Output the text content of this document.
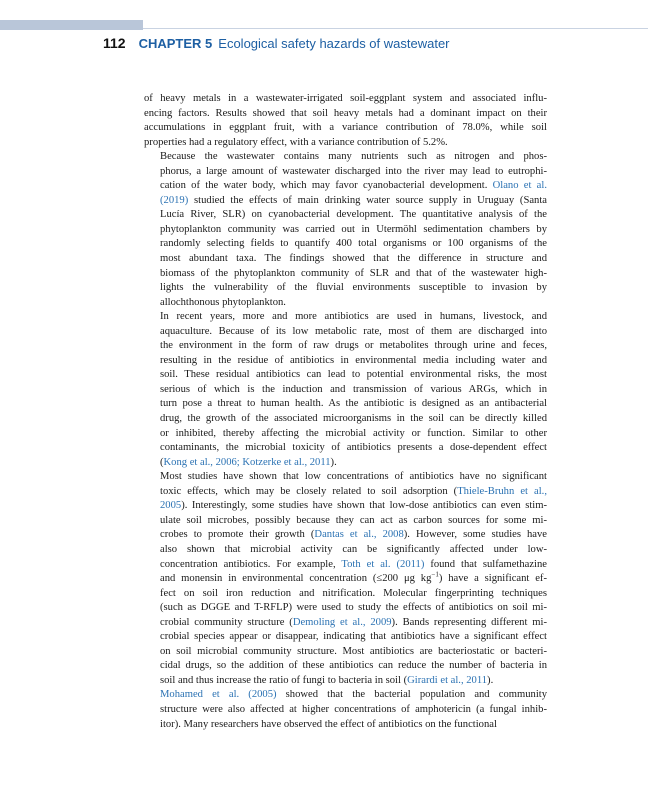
112 CHAPTER 5 Ecological safety hazards of wastewater

of heavy metals in a wastewater-irrigated soil-eggplant system and associated influ-
encing factors. Results showed that soil heavy metals had a dominant impact on their
accumulations in eggplant fruit, with a variance contribution of 78.0%, while soil
properties had a regulatory effect, with a variance contribution of 5.2%.

Because the wastewater contains many nutrients such as nitrogen and phos-
phorus, a large amount of wastewater discharged into the river may lead to eutrophi-
cation of the water body, which may favor cyanobacterial development. Olano et al.
(2019) studied the effects of main drinking water source supply in Uruguay (Santa
Lucía River, SLR) on cyanobacterial development. The quantitative analysis of the
phytoplankton community was carried out in Utermöhl sedimentation chambers by
randomly selecting fields to quantify 400 total organisms or 100 organisms of the
most abundant taxa. The findings showed that the difference in structure and
biomass of the phytoplankton community of SLR and that of the wastewater high-
lights the vulnerability of the fluvial environments susceptible to invasion by
allochthonous phytoplankton.

In recent years, more and more antibiotics are used in humans, livestock, and
aquaculture. Because of its low metabolic rate, most of them are discharged into
the environment in the form of raw drugs or metabolites through urine and feces,
resulting in the residue of antibiotics in environmental media including water and
soil. These residual antibiotics can lead to potential environmental risks, the most
serious of which is the induction and transmission of various ARGs, which in
turn pose a threat to human health. As the antibiotic is designed as an antibacterial
drug, the growth of the associated microorganisms in the soil can be directly killed
or inhibited, thereby affecting the microbial activity or function. Similar to other
contaminants, the microbial toxicity of antibiotics presents a dose-dependent effect
(Kong et al., 2006; Kotzerke et al., 2011).

Most studies have shown that low concentrations of antibiotics have no significant
toxic effects, which may be closely related to soil adsorption (Thiele-Bruhn et al.,
2005). Interestingly, some studies have shown that low-dose antibiotics can even stim-
ulate soil microbes, possibly because they can act as carbon sources for some mi-
crobes to promote their growth (Dantas et al., 2008). However, some studies have
also shown that microbial activity can be significantly affected under low-
concentration antibiotics. For example, Toth et al. (2011) found that sulfamethazine
and monensin in environmental concentration (≤200 μg $kg^{-1}$) have a significant ef-
fect on soil iron reduction and nitrification. Molecular fingerprinting techniques
(such as DGGE and T-RFLP) were used to study the effects of antibiotics on soil mi-
crobial community structure (Demoling et al., 2009). Bands representing different mi-
crobial species appear or disappear, indicating that antibiotics have a significant effect
on soil microbial community structure. Most antibiotics are bacteriostatic or bacteri-
cidal drugs, so the addition of these antibiotics can reduce the number of bacteria in
soil and thus increase the ratio of fungi to bacteria in soil (Girardi et al., 2011).

Mohamed et al. (2005) showed that the bacterial population and community
structure were also affected at higher concentrations of amphotericin (a fungal inhib-
itor). Many researchers have observed the effect of antibiotics on the functional
